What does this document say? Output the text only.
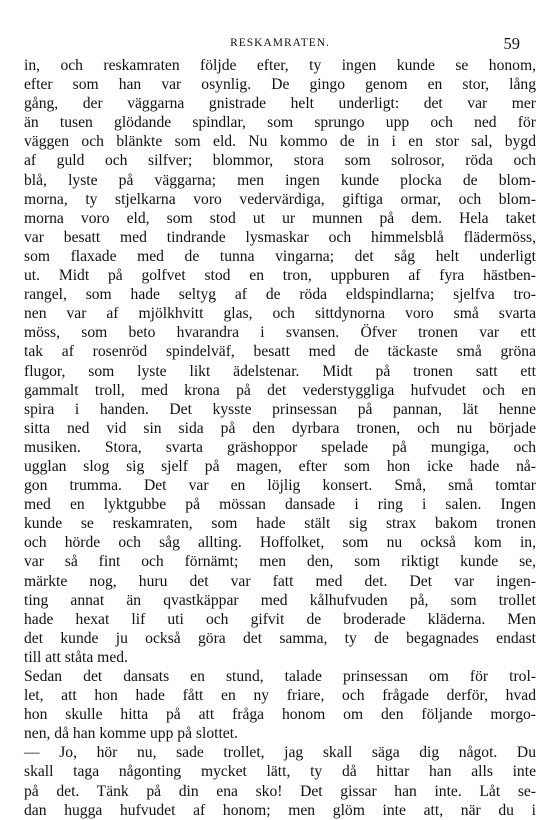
RESKAMRATEN.	59
in, och reskamraten följde efter, ty ingen kunde se honom,
efter som han var osynlig. De gingo genom en stor, lång
gång, der väggarna gnistrade helt underligt: det var mer
än tusen glödande spindlar, som sprungo upp och ned för
väggen och blänkte som eld. Nu kommo de in i en stor sal, bygd
af guld och silfver; blommor, stora som solrosor, röda och
blå, lyste på väggarna; men ingen kunde plocka de blom-
morna, ty stjelkarna voro vedervärdiga, giftiga ormar, och blom-
morna voro eld, som stod ut ur munnen på dem. Hela taket
var besatt med tindrande lysmaskar och himmelsblå flädermöss,
som flaxade med de tunna vingarna; det såg helt underligt
ut. Midt på golfvet stod en tron, uppburen af fyra hästben-
rangel, som hade seltyg af de röda eldspindlarna; sjelfva tro-
nen var af mjölkhvitt glas, och sittdynorna voro små svarta
möss, som beto hvarandra i svansen. Öfver tronen var ett
tak af rosenröd spindelväf, besatt med de täckaste små gröna
flugor, som lyste likt ädelstenar. Midt på tronen satt ett
gammalt troll, med krona på det vederstyggliga hufvudet och en
spira i handen. Det kysste prinsessan på pannan, lät henne
sitta ned vid sin sida på den dyrbara tronen, och nu började
musiken. Stora, svarta gräshoppor spelade på mungiga, och
ugglan slog sig sjelf på magen, efter som hon icke hade nå-
gon trumma. Det var en löjlig konsert. Små, små tomtar
med en lyktgubbe på mössan dansade i ring i salen. Ingen
kunde se reskamraten, som hade stält sig strax bakom tronen
och hörde och såg allting. Hoffolket, som nu också kom in,
var så fint och förnämt; men den, som riktigt kunde se,
märkte nog, huru det var fatt med det. Det var ingen-
ting annat än qvastkäppar med kålhufvuden på, som trollet
hade hexat lif uti och gifvit de broderade kläderna. Men
det kunde ju också göra det samma, ty de begagnades endast
till att ståta med.
Sedan det dansats en stund, talade prinsessan om för trol-
let, att hon hade fått en ny friare, och frågade derför, hvad
hon skulle hitta på att fråga honom om den följande morgo-
nen, då han komme upp på slottet.
— Jo, hör nu, sade trollet, jag skall säga dig något. Du
skall taga någonting mycket lätt, ty då hittar han alls inte
på det. Tänk på din ena sko! Det gissar han inte. Låt se-
dan hugga hufvudet af honom; men glöm inte att, när du i
